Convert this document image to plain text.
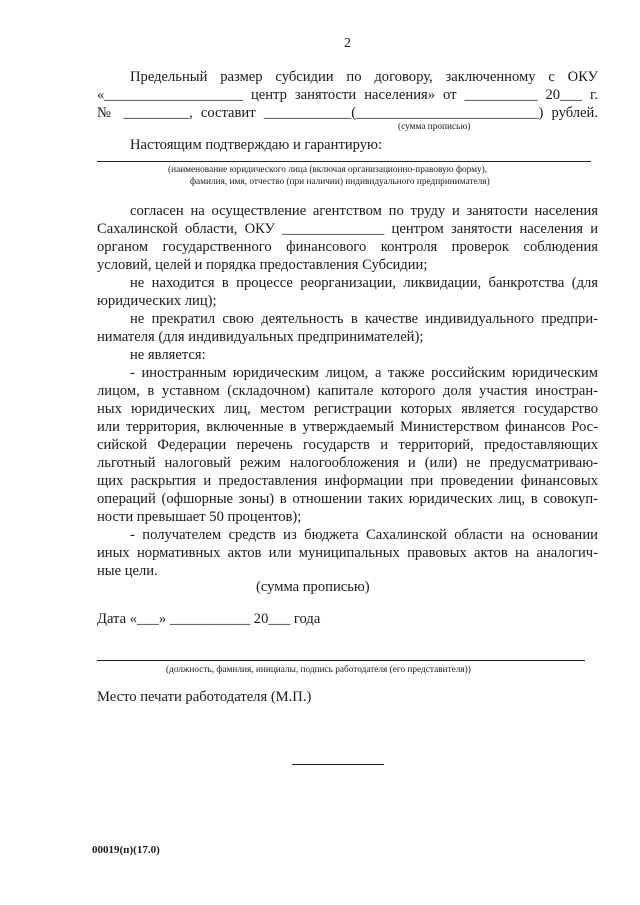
2
Предельный размер субсидии по договору, заключенному с ОКУ
«___________________ центр занятости населения» от __________ 20___ г.
№ _________, составит ____________(_________________________) рублей.
(сумма прописью)
Настоящим подтверждаю и гарантирую:
(наименование юридического лица (включая организационно-правовую форму),
фамилия, имя, отчество (при наличии) индивидуального предпринимателя)
согласен на осуществление агентством по труду и занятости населения
Сахалинской области, ОКУ ______________ центром занятости населения и
органом государственного финансового контроля проверок соблюдения
условий, целей и порядка предоставления Субсидии;
не находится в процессе реорганизации, ликвидации, банкротства (для
юридических лиц);
не прекратил свою деятельность в качестве индивидуального предпри-
нимателя (для индивидуальных предпринимателей);
не является:
- иностранным юридическим лицом, а также российским юридическим
лицом, в уставном (складочном) капитале которого доля участия иностран-
ных юридических лиц, местом регистрации которых является государство
или территория, включенные в утверждаемый Министерством финансов Рос-
сийской Федерации перечень государств и территорий, предоставляющих
льготный налоговый режим налогообложения и (или) не предусматриваю-
щих раскрытия и предоставления информации при проведении финансовых
операций (офшорные зоны) в отношении таких юридических лиц, в совокуп-
ности превышает 50 процентов);
- получателем средств из бюджета Сахалинской области на основании
иных нормативных актов или муниципальных правовых актов на аналогич-
ные цели.
(сумма прописью)
Дата «___» ___________ 20___ года
(должность, фамилия, инициалы, подпись работодателя (его представителя))
Место печати работодателя (М.П.)
00019(п)(17.0)
